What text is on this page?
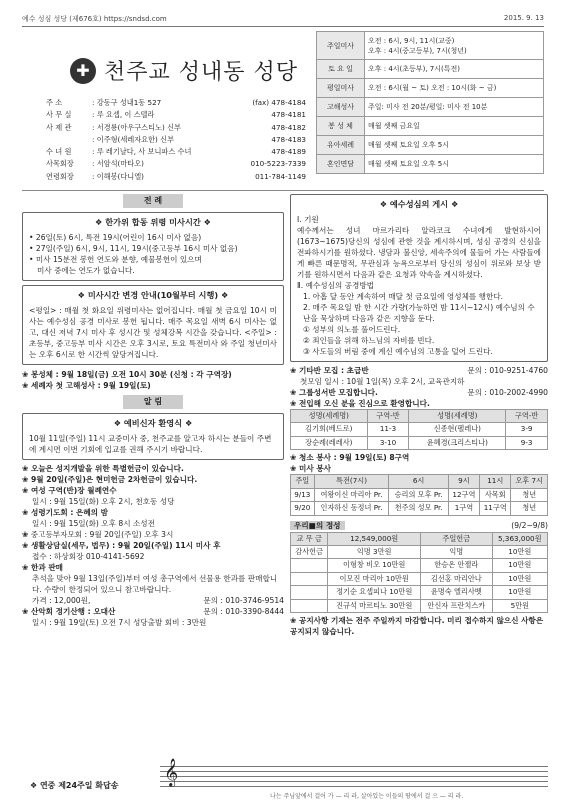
예수 성심 성당 (제676호) https://sndsd.com	2015. 9. 13
✚ 천주교 성내동 성당
주 소	: 강동구 성내1동 527	(fax) 478-4184
사 무 실	: 루 요셉, 이 스텔라	478-4181
사 제 관	: 서경룡(아우구스티노) 신부	478-4182
: 이주형(세레자요한) 신부	478-4183
수 녀 원	: 루 레기날다, 사 보니파스 수녀	478-4189
사목회장	: 서암석(마타오)	010-5223-7339
연령회장	: 이해봉(다니엘)	011-784-1149
주일미사	오전 : 6시, 9시, 11시(교중)
오후 : 4시(중고등부), 7시(청년)
토 요 일	오후 : 4시(초등부), 7시(특전)
평일미사	오전 : 6시(월 ~ 토) 오전 : 10시(화 ~ 금)
고해성사	주일: 미사 전 20분/평일: 미사 전 10분
봉 성 체	매월 셋째 금요일
유아세례	매월 셋째 토요일 오후 5시
혼인면담	매월 셋째 토요일 오후 5시
전 례
❖ 한가위 합동 위령 미사시간 ❖
• 26일(토) 6시, 특전 19시(어린이 16시 미사 없음)
• 27일(주일) 6시, 9시, 11시, 19시(중고등부 16시 미사 없음)
• 미사 15분전 봉헌 연도와 분향, 예물봉헌이 있으며
미사 중에는 연도가 없습니다.
❖ 미사시간 변경 안내(10월부터 시행) ❖
<평일> : 매월 첫 화요일 위령미사는 없어집니다. 매월 첫 금요일 10시 미사는 예수성심 공경 미사로 봉헌 됩니다. 매주 목요일 새벽 6시 미사는 없고, 대신 저녁 7시 미사 후 성시간 및 성체강복 시간을 갖습니다. <주일> : 초등부, 중고등부 미사 시간은 오후 3시로, 토요 특전미사 와 주일 청년미사는 오후 6시로 한 시간씩 앞당겨집니다.
❀ 봉성체 : 9월 18일(금) 오전 10시 30분 (신청 : 각 구역장)
❀ 세례자 첫 고해성사 : 9월 19일(토)
알 림
❖ 예비신자 환영식 ❖
10월 11일(주일) 11시 교중미사 중, 천주교를 알고자 하시는 분들이 주변에 계시면 이번 기회에 입교를 권해 주시기 바랍니다.
❀ 오늘은 성지개발을 위한 특별헌금이 있습니다.
❀ 9월 20일(주일)은 현미헌금 2차헌금이 있습니다.
❀ 여성 구역(반)장 월례연수
일시 : 9월 15일(화) 오후 2시, 천호동 성당
❀ 성령기도회 : 은혜의 밤
일시 : 9월 15일(화) 오후 8시 소성전
❀ 중고등부자모회 : 9월 20일(주일) 오후 3시
❀ 생활상담실(세무, 법무) : 9월 20일(주일) 11시 미사 후
접수 : 하상회장 010-4141-5692
❀ 한과 판매
추석을 맞아 9월 13일(주일)부터 여성 총구역에서 선물용 한과를 판매합니다. 수량이 한정되어 있으니 참고바랍니다.
가격 : 12,000원,	문의 : 010-3746-9514
❀ 산악회 정기산행 : 오대산	문의 : 010-3390-8444
일시 : 9월 19일(토) 오전 7시 성당출발 회비 : 3만원
❖ 예수성심의 게시 ❖
Ⅰ. 기원
예수께서는 성녀 마르가리타 알라코크 수녀에게 발현하시어(1673~1675)당신의 성심에 관한 것을 계시하시며, 성심 공경의 신심을 전파하시기를 원하셨다. 냉담과 불신앙, 세속주의에 물들어 가는 사람들에게 빠른 때문명적, 무관심과 능욕으로부터 당신의 성심이 위로와 보상 받기를 원하시면서 다음과 같은 요청과 약속을 계시하셨다.
Ⅱ. 예수성심의 공경방법
1. 아홉 달 동안 계속하여 매달 첫 금요일에 영성체를 행한다.
2. 매주 목요일 밤 한 시간 가량(가능하면 밤 11시~12시) 예수님의 수난을 묵상하며 다음과 같은 지향을 둔다.
① 성부의 의노를 풀어드린다.
② 죄인들을 위해 하느님의 자비를 빈다.
③ 사도들의 버림 중에 계신 예수님의 고통을 덜어 드린다.
❀ 기타반 모집 : 초급반	문의 : 010-9251-4760
첫모임 일시 : 10월 1일(목) 오후 2시, 교육관지하
❀ 그룹성서반 모집합니다.	문의 : 010-2002-4990
❀ 전입해 오신 분을 진심으로 환영합니다.
성명(세례명)	구역-반	성명(세례명)	구역-반
김기희(베드로)	11-3	신종현(펠레나)	3-9
장순례(레레사)	3-10	윤혜경(크리스티나)	9-3
❀ 청소 봉사 : 9월 19일(토) 8구역
❀ 미사 봉사
주일	특전(7시)	6시	9시	11시	오후 7시
9/13	여왕이신 마리아 Pr.	승리의 모후 Pr.	12구역	사목회	청년
9/20	인자하신 동정녀 Pr.	천주의 성모 Pr.	1구역	11구역	청년
우리■의 정성	(9/2~9/8)
교 무 금	12,549,000원	주일헌금	5,363,000원
감사헌금	익명 3만원	익명	10만원
	이형창 비오 10만원	한승온 안젤라	10만원
	이모진 마리아 10만원	김선홍 마리안나	10만원
	정기순 요셉피나 10만원	윤명숙 엘리사벳	10만원
	진규석 마르티노 30만원	안신자 프란치스카	5만원
❀ 공지사항 기재는 전주 주일까지 마감합니다. 미리 접수하지 않으신 사항은 공지되지 않습니다.
❖ 연중 제24주일 화답송 𝄞
나는 주님앞에서 걸어 가 — 리 라, 살아있는 이들의 땅에서 걸 으 — 리 라.
